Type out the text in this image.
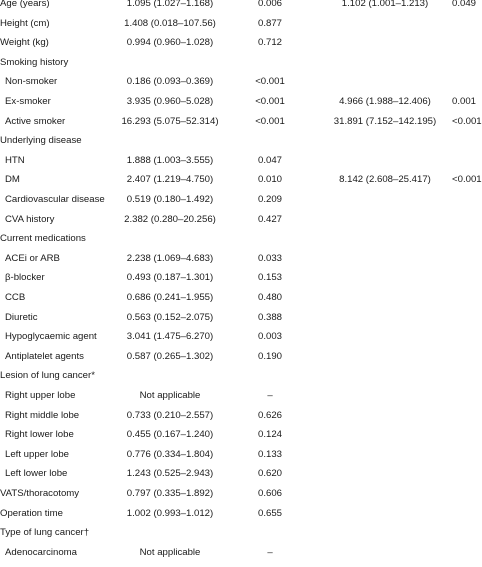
Age (years)	1.095 (1.027–1.168)	0.006	1.102 (1.001–1.213)	0.049
Height (cm)	1.408 (0.018–107.56)	0.877
Weight (kg)	0.994 (0.960–1.028)	0.712
Smoking history
Non-smoker	0.186 (0.093–0.369)	<0.001
Ex-smoker	3.935 (0.960–5.028)	<0.001	4.966 (1.988–12.406)	0.001
Active smoker	16.293 (5.075–52.314)	<0.001	31.891 (7.152–142.195)	<0.001
Underlying disease
HTN	1.888 (1.003–3.555)	0.047
DM	2.407 (1.219–4.750)	0.010	8.142 (2.608–25.417)	<0.001
Cardiovascular disease	0.519 (0.180–1.492)	0.209
CVA history	2.382 (0.280–20.256)	0.427
Current medications
ACEi or ARB	2.238 (1.069–4.683)	0.033
β-blocker	0.493 (0.187–1.301)	0.153
CCB	0.686 (0.241–1.955)	0.480
Diuretic	0.563 (0.152–2.075)	0.388
Hypoglycaemic agent	3.041 (1.475–6.270)	0.003
Antiplatelet agents	0.587 (0.265–1.302)	0.190
Lesion of lung cancer*
Right upper lobe	Not applicable	–
Right middle lobe	0.733 (0.210–2.557)	0.626
Right lower lobe	0.455 (0.167–1.240)	0.124
Left upper lobe	0.776 (0.334–1.804)	0.133
Left lower lobe	1.243 (0.525–2.943)	0.620
VATS/thoracotomy	0.797 (0.335–1.892)	0.606
Operation time	1.002 (0.993–1.012)	0.655
Type of lung cancer†
Adenocarcinoma	Not applicable	–
